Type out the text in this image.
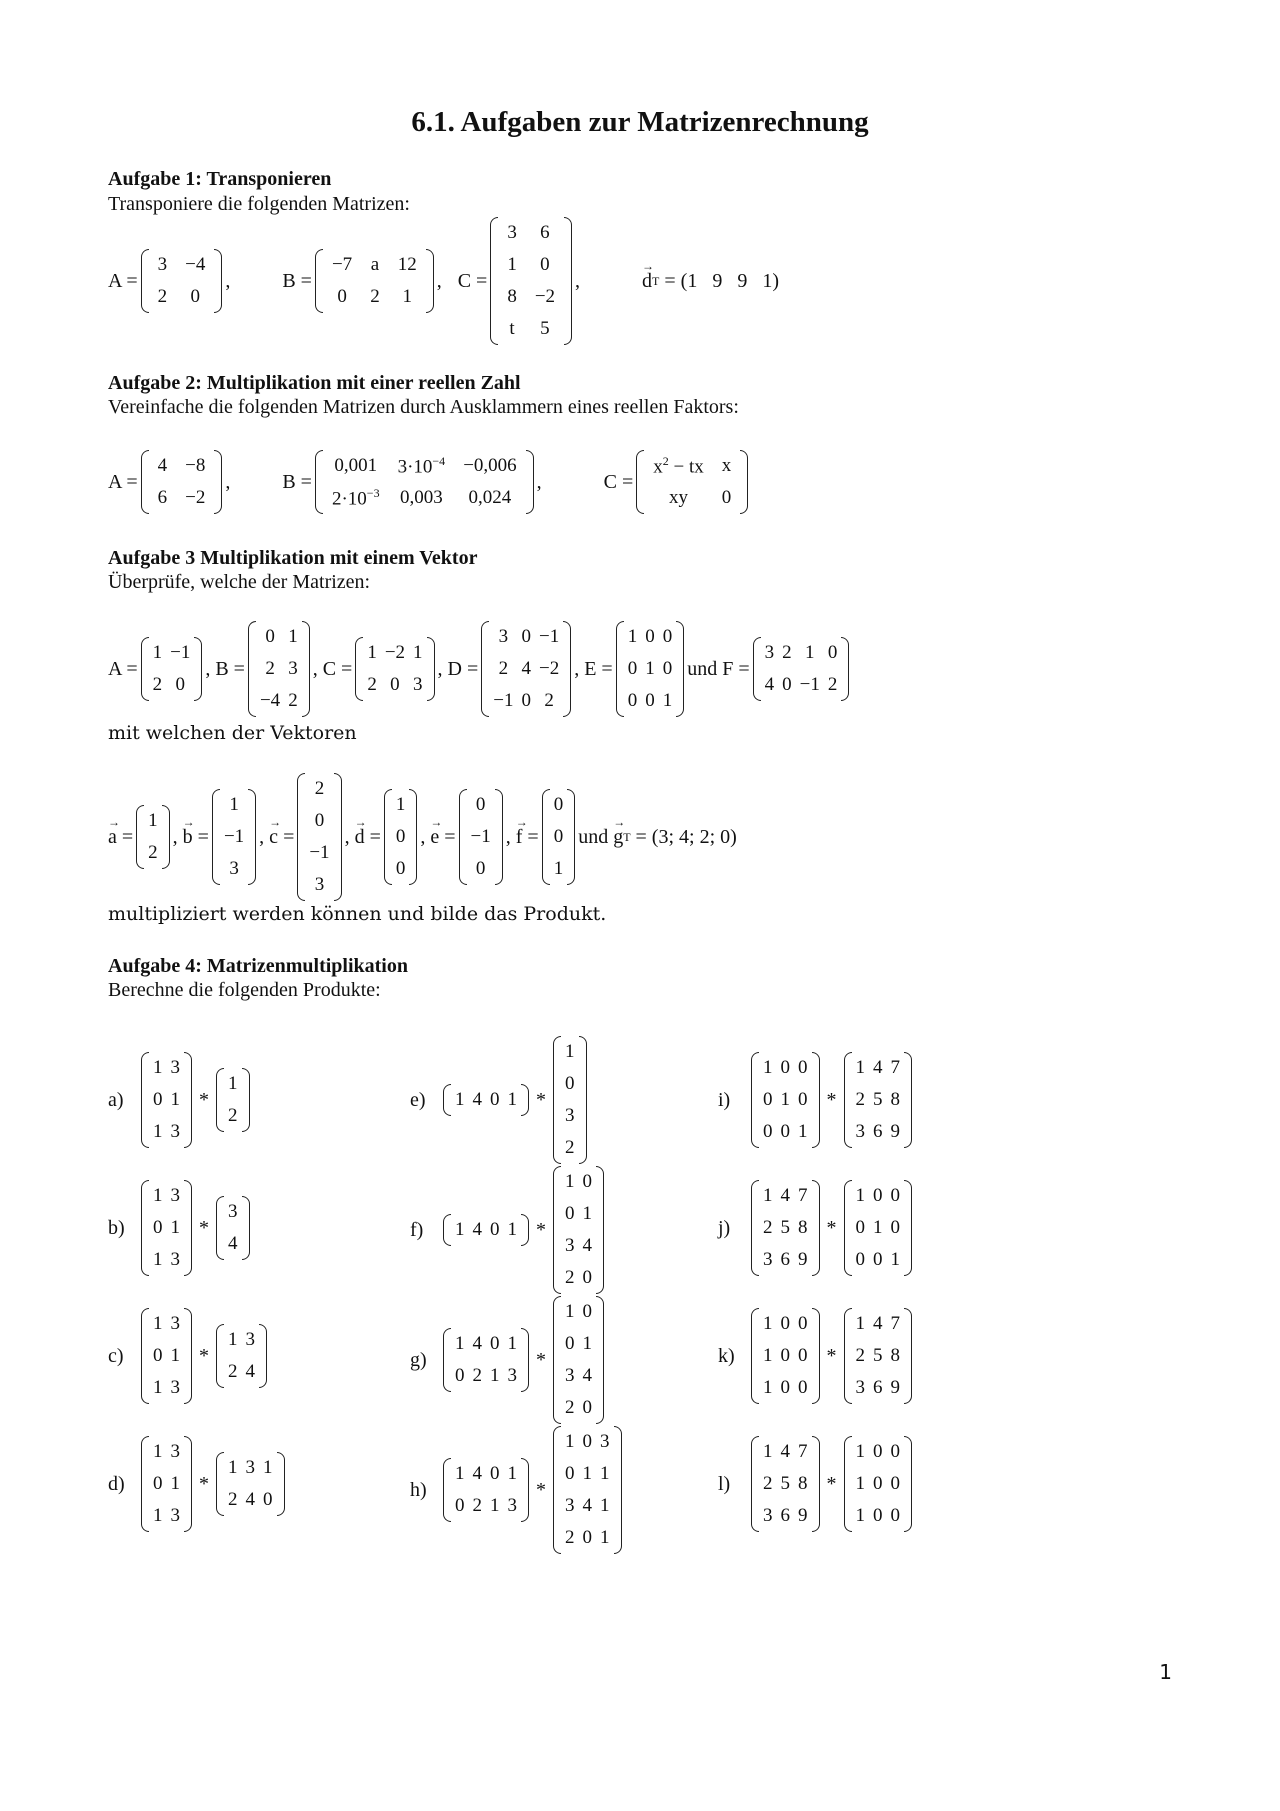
6.1. Aufgaben zur Matrizenrechnung

Aufgabe 1: Transponieren

Transponiere die folgenden Matrizen:

A =
3	−4
2	0
,	B =
−7	a	12
0	2	1
, C =
3	6
1	0
8	−2
t	5
,
→
d T = (1   9   9   1)

Aufgabe 2: Multiplikation mit einer reellen Zahl

Vereinfache die folgenden Matrizen durch Ausklammern eines reellen Faktors:

A =
4	−8
6	−2
,	B =
0,001	$3\cdot 10^{-4}$	−0,006
$2\cdot 10^{-3}$	0,003	0,024
,	C =
$x^2$ − tx	x
xy	0

Aufgabe 3 Multiplikation mit einem Vektor

Überprüfe, welche der Matrizen:

A =
1	−1
2	0
, B =
0	1
2	3
−4	2
, C =
1	−2	1
2	0	3
, D =
3	0	−1
2	4	−2
−1	0	2
, E =
1	0	0
0	1	0
0	0	1
und
F =
3	2	1	0
4	0	−1	2

mit welchen der Vektoren

→
a =
1
2
,

→
b =
1
−1
3
,

→
c =
2
0
−1
3
,

→
d =
1
0
0
,

→
e =
0
−1
0
,

→
f =
0
0
1
und

→
g T = (3; 4; 2; 0)

multipliziert werden können und bilde das Produkt.

Aufgabe 4: Matrizenmultiplikation

Berechne die folgenden Produkte:

a)
1	3
0	1
1	3
*
1
2
b)
1	3
0	1
1	3
*
3
4
c)
1	3
0	1
1	3
*
1	3
2	4
d)
1	3
0	1
1	3
*
1	3	1
2	4	0
e)	1	4	0	1 *
1
0
3
2
f)	1	4	0	1 *
1	0
0	1
3	4
2	0
g)
1	4	0	1
0	2	1	3
*
1	0
0	1
3	4
2	0
h)
1	4	0	1
0	2	1	3
*
1	0	3
0	1	1
3	4	1
2	0	1
i)
1	0	0
0	1	0
0	0	1
*
1	4	7
2	5	8
3	6	9
j)
1	4	7
2	5	8
3	6	9
*
1	0	0
0	1	0
0	0	1
k)
1	0	0
1	0	0
1	0	0
*
1	4	7
2	5	8
3	6	9
l)
1	4	7
2	5	8
3	6	9
*
1	0	0
1	0	0
1	0	0
1
